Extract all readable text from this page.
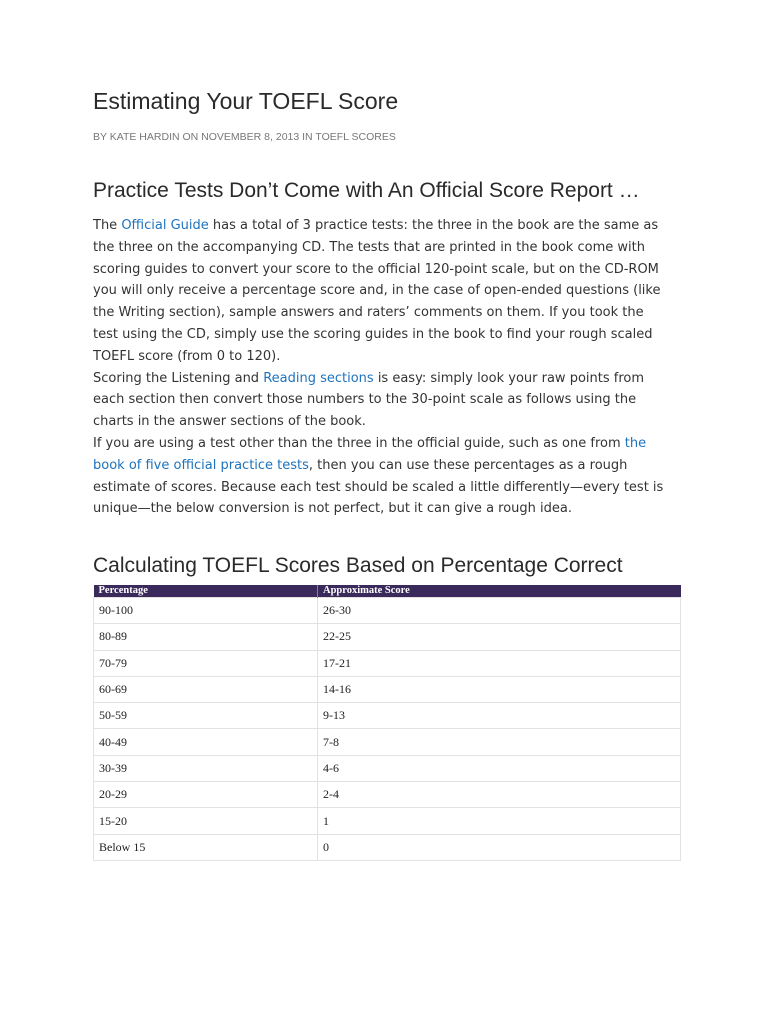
Estimating Your TOEFL Score
BY KATE HARDIN ON NOVEMBER 8, 2013 IN TOEFL SCORES
Practice Tests Don’t Come with An Official Score Report …

The Official Guide has a total of 3 practice tests: the three in the book are the same as the three on the accompanying CD. The tests that are printed in the book come with scoring guides to convert your score to the official 120-point scale, but on the CD-ROM you will only receive a percentage score and, in the case of open-ended questions (like the Writing section), sample answers and raters’ comments on them. If you took the test using the CD, simply use the scoring guides in the book to find your rough scaled TOEFL score (from 0 to 120).

Scoring the Listening and Reading sections is easy: simply look your raw points from each section then convert those numbers to the 30-point scale as follows using the charts in the answer sections of the book.

If you are using a test other than the three in the official guide, such as one from the book of five official practice tests, then you can use these percentages as a rough estimate of scores. Because each test should be scaled a little differently—every test is unique—the below conversion is not perfect, but it can give a rough idea.

Calculating TOEFL Scores Based on Percentage Correct
Percentage	Approximate Score
90-100	26-30
80-89	22-25
70-79	17-21
60-69	14-16
50-59	9-13
40-49	7-8
30-39	4-6
20-29	2-4
15-20	1
Below 15	0
